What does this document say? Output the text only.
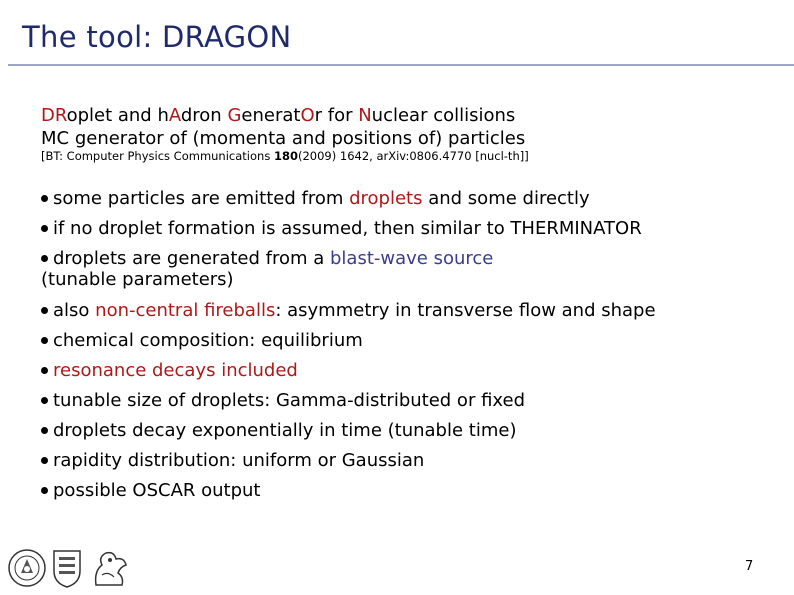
The tool: DRAGON
DRoplet and hAdron GeneratOr for Nuclear collisions
MC generator of (momenta and positions of) particles
[BT: Computer Physics Communications 180(2009) 1642, arXiv:0806.4770 [nucl-th]]
some particles are emitted from droplets and some directly
if no droplet formation is assumed, then similar to THERMINATOR
droplets are generated from a blast-wave source
(tunable parameters)
also non-central fireballs: asymmetry in transverse flow and shape
chemical composition: equilibrium
resonance decays included
tunable size of droplets: Gamma-distributed or fixed
droplets decay exponentially in time (tunable time)
rapidity distribution: uniform or Gaussian
possible OSCAR output
7
